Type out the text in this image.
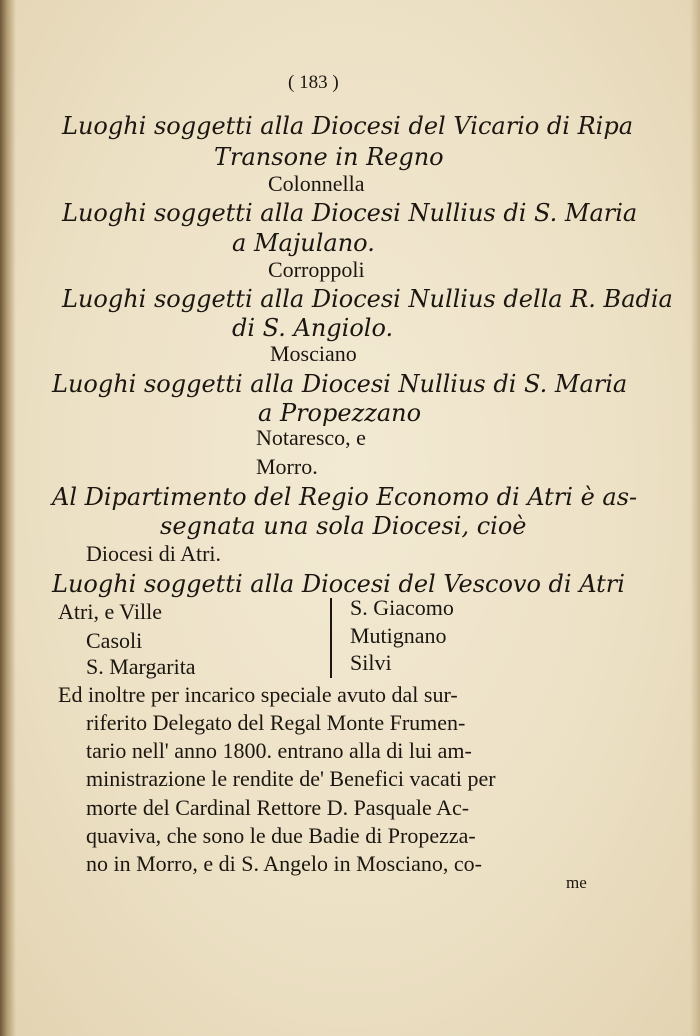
( 183 )
Luoghi soggetti alla Diocesi del Vicario di Ripa
Transone in Regno
Colonnella
Luoghi soggetti alla Diocesi Nullius di S. Maria
a Majulano.
Corroppoli
Luoghi soggetti alla Diocesi Nullius della R. Badia
di S. Angiolo.
Mosciano
Luoghi soggetti alla Diocesi Nullius di S. Maria
a Propezzano
Notaresco, e
Morro.
Al Dipartimento del Regio Economo di Atri è as-
segnata una sola Diocesi, cioè
Diocesi di Atri.
Luoghi soggetti alla Diocesi del Vescovo di Atri
Atri, e Ville
Casoli
S. Margarita
S. Giacomo
Mutignano
Silvi
Ed inoltre per incarico speciale avuto dal sur-
riferito Delegato del Regal Monte Frumen-
tario nell' anno 1800. entrano alla di lui am-
ministrazione le rendite de' Benefici vacati per
morte del Cardinal Rettore D. Pasquale Ac-
quaviva, che sono le due Badie di Propezza-
no in Morro, e di S. Angelo in Mosciano, co-
me
